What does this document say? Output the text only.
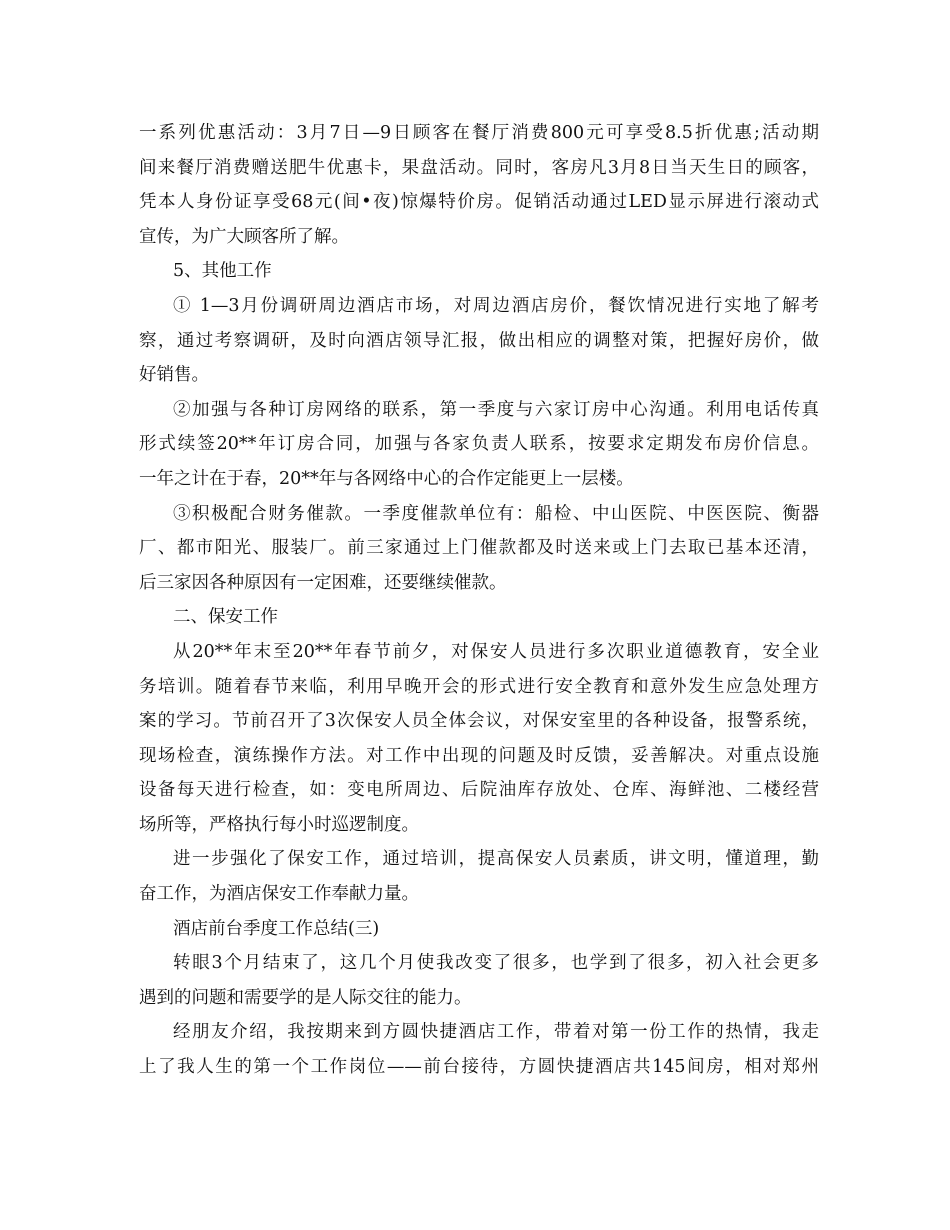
一系列优惠活动：3月7日—9日顾客在餐厅消费800元可享受8.5折优惠;活动期
间来餐厅消费赠送肥牛优惠卡，果盘活动。同时，客房凡3月8日当天生日的顾客，
凭本人身份证享受68元(间•夜)惊爆特价房。促销活动通过LED显示屏进行滚动式
宣传，为广大顾客所了解。
5、其他工作
① 1—3月份调研周边酒店市场，对周边酒店房价，餐饮情况进行实地了解考
察，通过考察调研，及时向酒店领导汇报，做出相应的调整对策，把握好房价，做
好销售。
②加强与各种订房网络的联系，第一季度与六家订房中心沟通。利用电话传真
形式续签20**年订房合同，加强与各家负责人联系，按要求定期发布房价信息。
一年之计在于春，20**年与各网络中心的合作定能更上一层楼。
③积极配合财务催款。一季度催款单位有：船检、中山医院、中医医院、衡器
厂、都市阳光、服装厂。前三家通过上门催款都及时送来或上门去取已基本还清，
后三家因各种原因有一定困难，还要继续催款。
二、保安工作
从20**年末至20**年春节前夕，对保安人员进行多次职业道德教育，安全业
务培训。随着春节来临，利用早晚开会的形式进行安全教育和意外发生应急处理方
案的学习。节前召开了3次保安人员全体会议，对保安室里的各种设备，报警系统，
现场检查，演练操作方法。对工作中出现的问题及时反馈，妥善解决。对重点设施
设备每天进行检查，如：变电所周边、后院油库存放处、仓库、海鲜池、二楼经营
场所等，严格执行每小时巡逻制度。
进一步强化了保安工作，通过培训，提高保安人员素质，讲文明，懂道理，勤
奋工作，为酒店保安工作奉献力量。
酒店前台季度工作总结(三)
转眼3个月结束了，这几个月使我改变了很多，也学到了很多，初入社会更多
遇到的问题和需要学的是人际交往的能力。
经朋友介绍，我按期来到方圆快捷酒店工作，带着对第一份工作的热情，我走
上了我人生的第一个工作岗位——前台接待，方圆快捷酒店共145间房，相对郑州
